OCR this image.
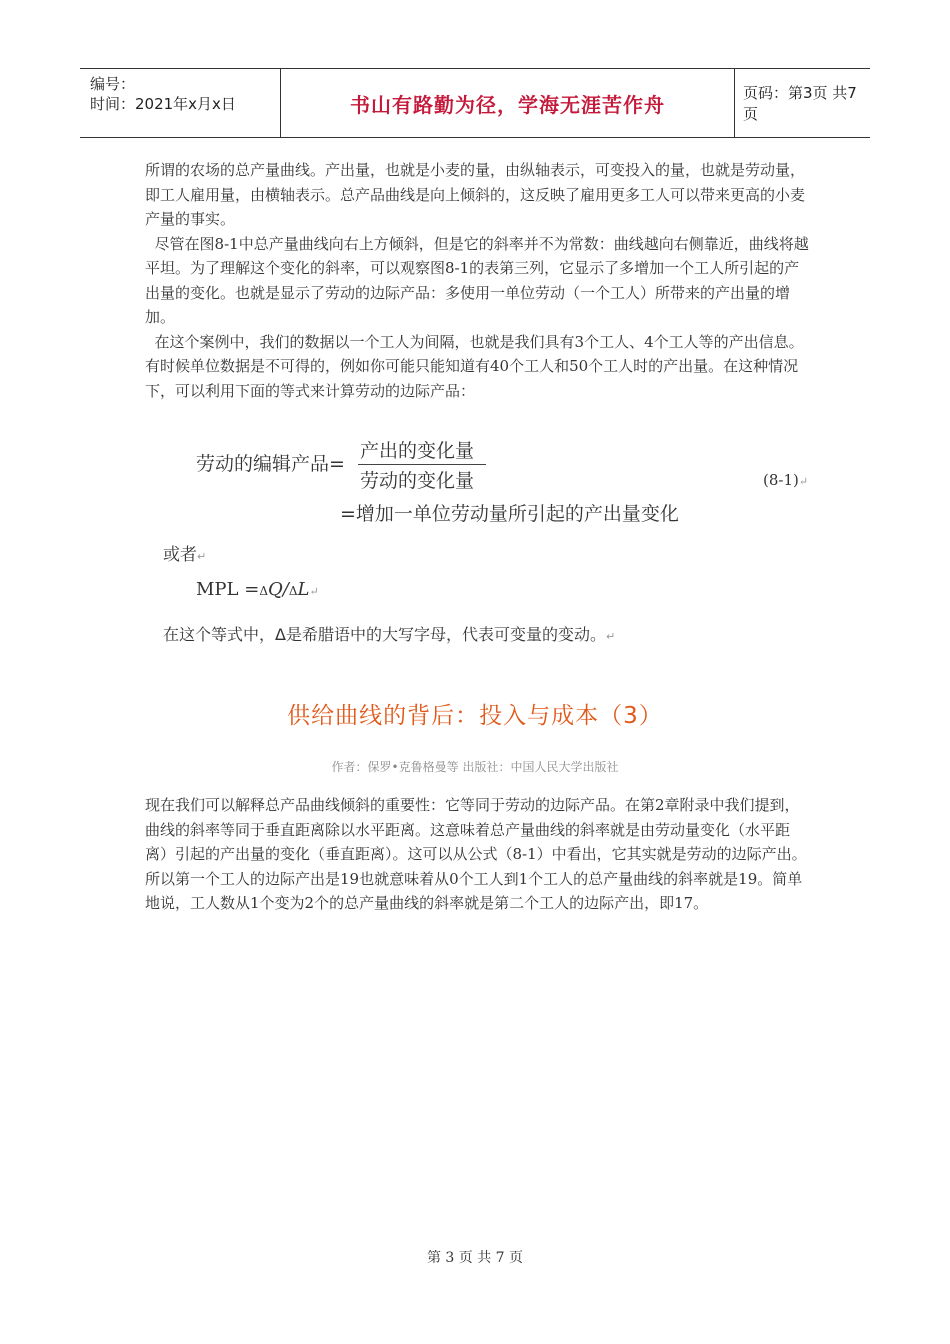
编号：
时间：2021年x月x日	书山有路勤为径，学海无涯苦作舟	页码：第3页 共7页

所谓的农场的总产量曲线。产出量，也就是小麦的量，由纵轴表示，可变投入的量，也就是劳动量，即工人雇用量，由横轴表示。总产品曲线是向上倾斜的，这反映了雇用更多工人可以带来更高的小麦产量的事实。

尽管在图8-1中总产量曲线向右上方倾斜，但是它的斜率并不为常数：曲线越向右侧靠近，曲线将越平坦。为了理解这个变化的斜率，可以观察图8-1的表第三列，它显示了多增加一个工人所引起的产出量的变化。也就是显示了劳动的边际产品：多使用一单位劳动（一个工人）所带来的产出量的增加。

在这个案例中，我们的数据以一个工人为间隔，也就是我们具有3个工人、4个工人等的产出信息。有时候单位数据是不可得的，例如你可能只能知道有40个工人和50个工人时的产出量。在这种情况下，可以利用下面的等式来计算劳动的边际产品：

劳动的编辑产品=
产出的变化量
劳动的变化量	(8-1)↵
=增加一单位劳动量所引起的产出量变化
或者↵
MPL =ΔQ/ΔL↵
在这个等式中，Δ是希腊语中的大写字母，代表可变量的变动。↵
供给曲线的背后：投入与成本（3）
作者：保罗•克鲁格曼等 出版社：中国人民大学出版社

现在我们可以解释总产品曲线倾斜的重要性：它等同于劳动的边际产品。在第2章附录中我们提到，曲线的斜率等同于垂直距离除以水平距离。这意味着总产量曲线的斜率就是由劳动量变化（水平距离）引起的产出量的变化（垂直距离）。这可以从公式（8-1）中看出，它其实就是劳动的边际产出。所以第一个工人的边际产出是19也就意味着从0个工人到1个工人的总产量曲线的斜率就是19。简单地说，工人数从1个变为2个的总产量曲线的斜率就是第二个工人的边际产出，即17。

第 3 页 共 7 页
